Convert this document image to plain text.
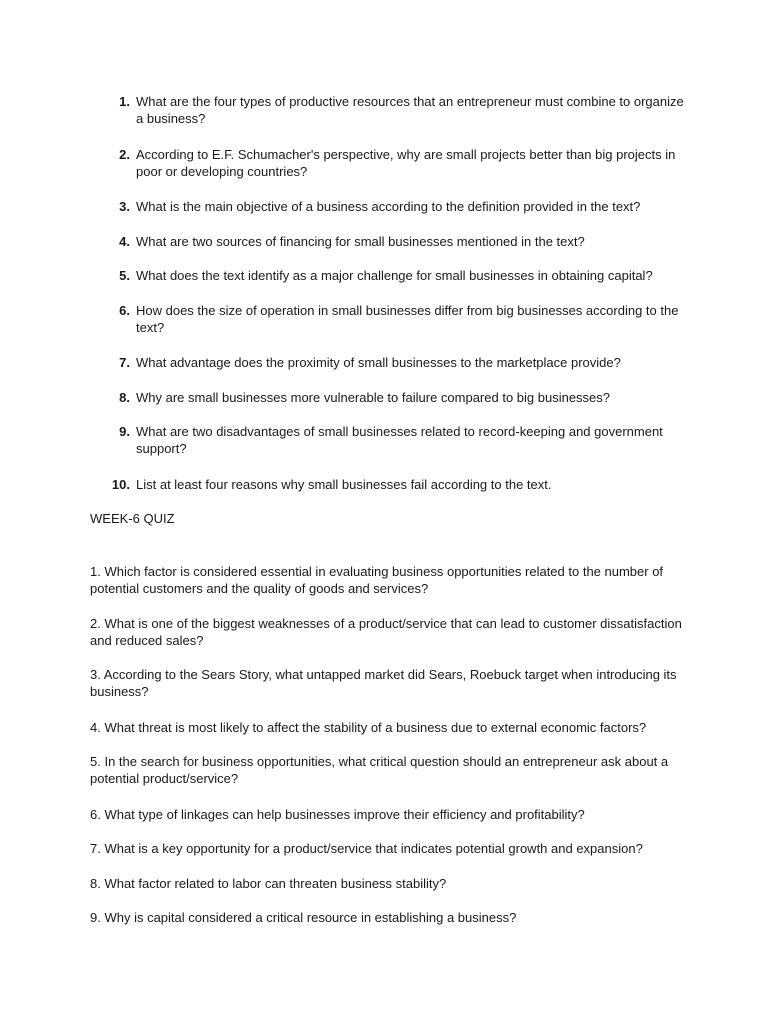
1. What are the four types of productive resources that an entrepreneur must combine to organize a business?
2. According to E.F. Schumacher's perspective, why are small projects better than big projects in poor or developing countries?
3. What is the main objective of a business according to the definition provided in the text?
4. What are two sources of financing for small businesses mentioned in the text?
5. What does the text identify as a major challenge for small businesses in obtaining capital?
6. How does the size of operation in small businesses differ from big businesses according to the text?
7. What advantage does the proximity of small businesses to the marketplace provide?
8. Why are small businesses more vulnerable to failure compared to big businesses?
9. What are two disadvantages of small businesses related to record-keeping and government support?
10. List at least four reasons why small businesses fail according to the text.
WEEK-6 QUIZ
1. Which factor is considered essential in evaluating business opportunities related to the number of potential customers and the quality of goods and services?
2. What is one of the biggest weaknesses of a product/service that can lead to customer dissatisfaction and reduced sales?
3. According to the Sears Story, what untapped market did Sears, Roebuck target when introducing its business?
4. What threat is most likely to affect the stability of a business due to external economic factors?
5. In the search for business opportunities, what critical question should an entrepreneur ask about a potential product/service?
6. What type of linkages can help businesses improve their efficiency and profitability?
7. What is a key opportunity for a product/service that indicates potential growth and expansion?
8. What factor related to labor can threaten business stability?
9. Why is capital considered a critical resource in establishing a business?
